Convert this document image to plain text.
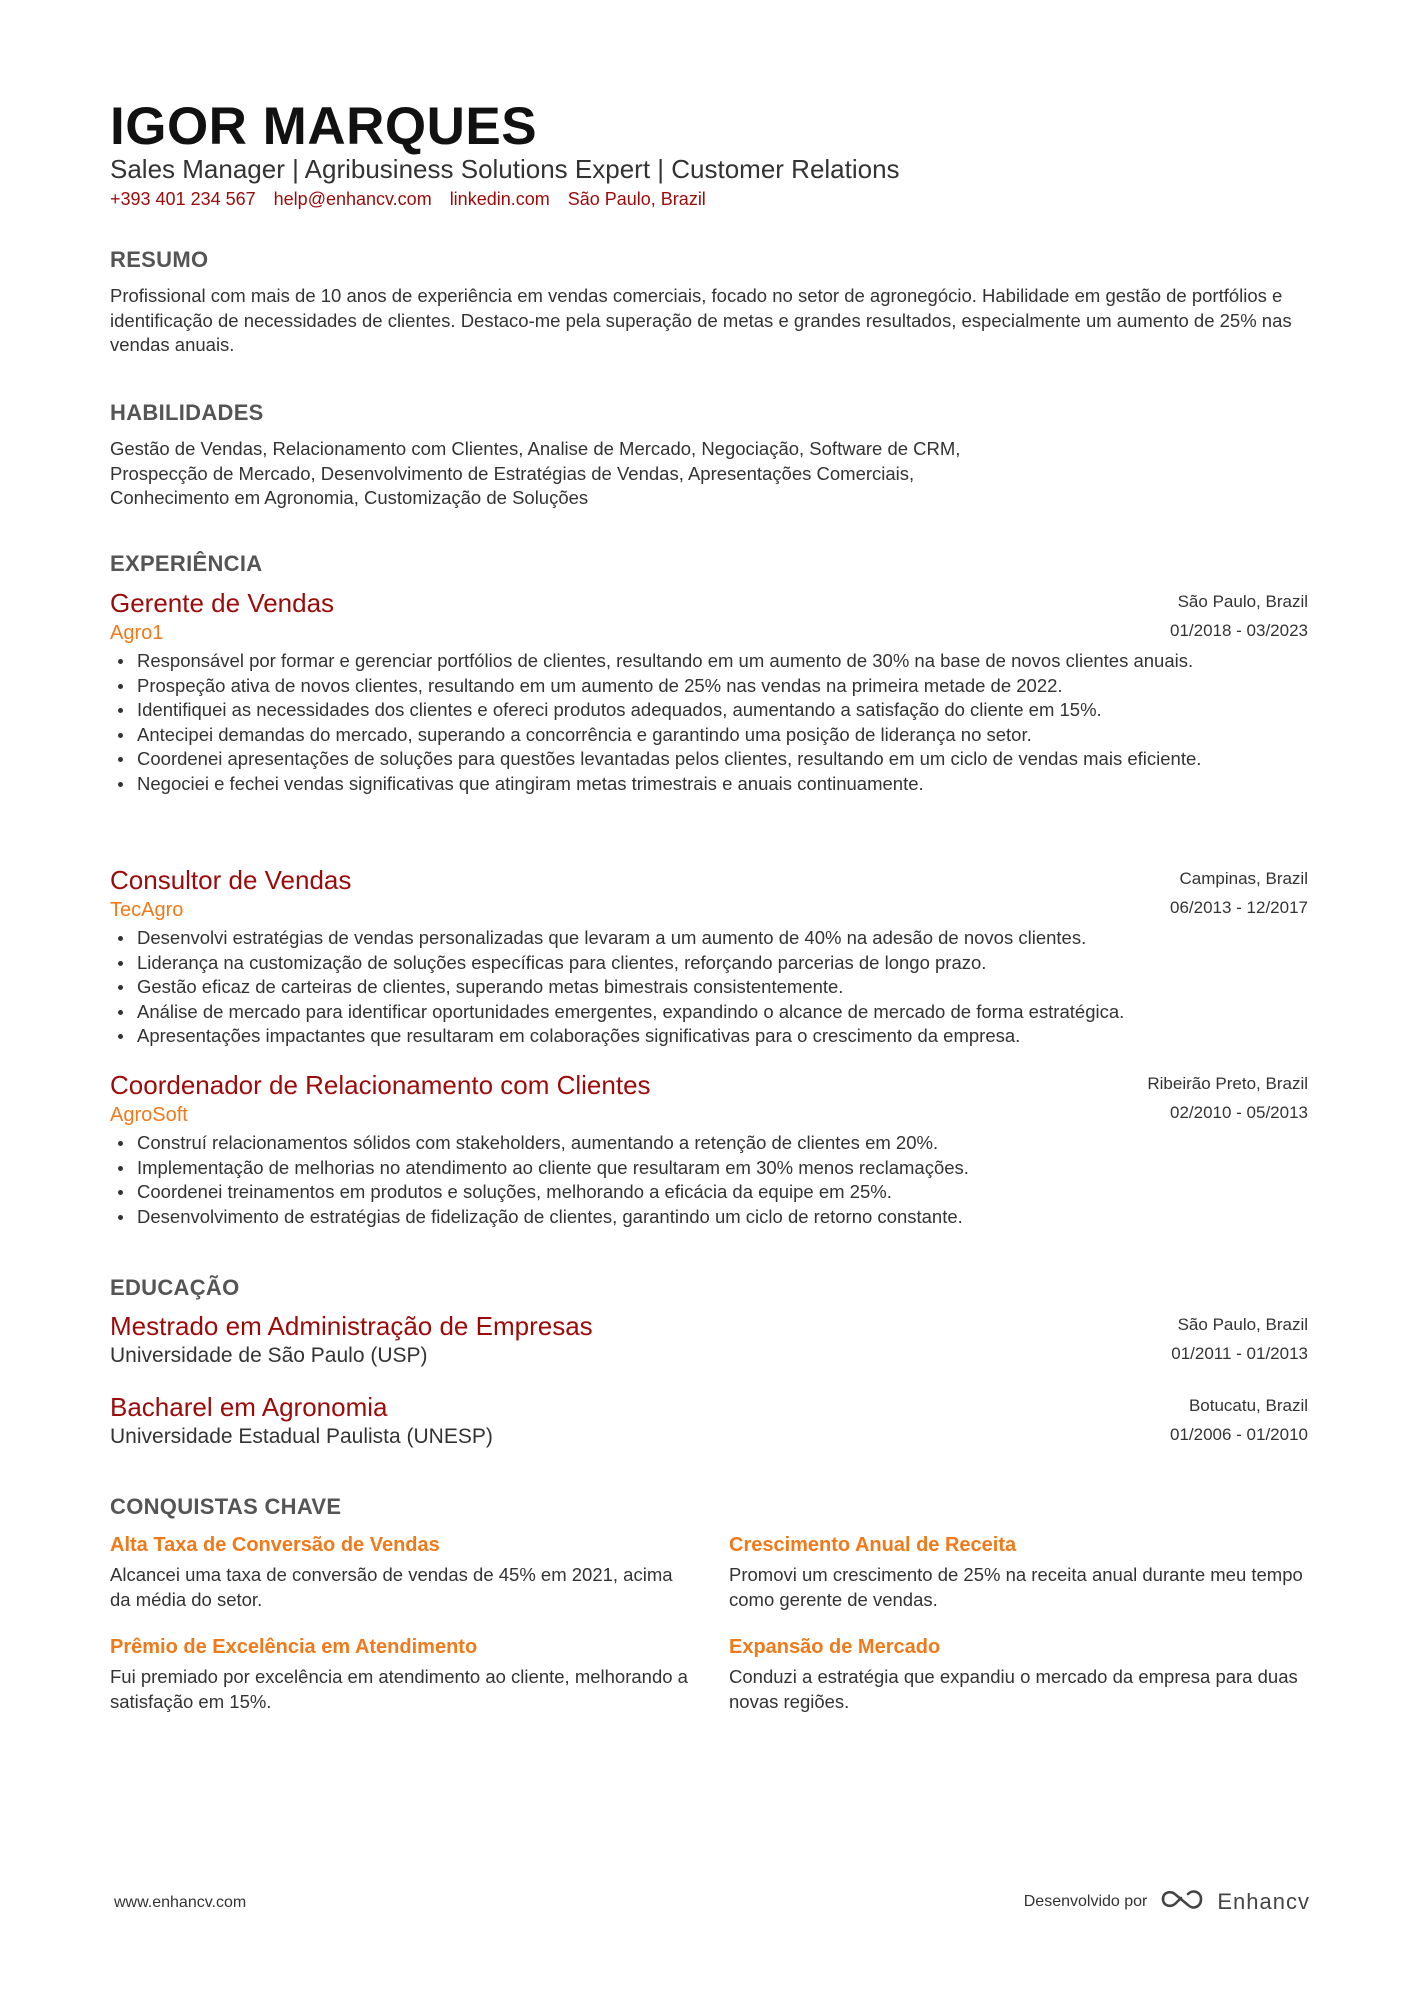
IGOR MARQUES
Sales Manager | Agribusiness Solutions Expert | Customer Relations
+393 401 234 567 help@enhancv.com linkedin.com São Paulo, Brazil
RESUMO
Profissional com mais de 10 anos de experiência em vendas comerciais, focado no setor de agronegócio. Habilidade em gestão de portfólios e identificação de necessidades de clientes. Destaco-me pela superação de metas e grandes resultados, especialmente um aumento de 25% nas vendas anuais.
HABILIDADES
Gestão de Vendas, Relacionamento com Clientes, Analise de Mercado, Negociação, Software de CRM,
Prospecção de Mercado, Desenvolvimento de Estratégias de Vendas, Apresentações Comerciais,
Conhecimento em Agronomia, Customização de Soluções
EXPERIÊNCIA
Gerente de Vendas
Agro1
São Paulo, Brazil
01/2018 - 03/2023
Responsável por formar e gerenciar portfólios de clientes, resultando em um aumento de 30% na base de novos clientes anuais.
Prospeção ativa de novos clientes, resultando em um aumento de 25% nas vendas na primeira metade de 2022.
Identifiquei as necessidades dos clientes e ofereci produtos adequados, aumentando a satisfação do cliente em 15%.
Antecipei demandas do mercado, superando a concorrência e garantindo uma posição de liderança no setor.
Coordenei apresentações de soluções para questões levantadas pelos clientes, resultando em um ciclo de vendas mais eficiente.
Negociei e fechei vendas significativas que atingiram metas trimestrais e anuais continuamente.
Consultor de Vendas
TecAgro
Campinas, Brazil
06/2013 - 12/2017
Desenvolvi estratégias de vendas personalizadas que levaram a um aumento de 40% na adesão de novos clientes.
Liderança na customização de soluções específicas para clientes, reforçando parcerias de longo prazo.
Gestão eficaz de carteiras de clientes, superando metas bimestrais consistentemente.
Análise de mercado para identificar oportunidades emergentes, expandindo o alcance de mercado de forma estratégica.
Apresentações impactantes que resultaram em colaborações significativas para o crescimento da empresa.
Coordenador de Relacionamento com Clientes
AgroSoft
Ribeirão Preto, Brazil
02/2010 - 05/2013
Construí relacionamentos sólidos com stakeholders, aumentando a retenção de clientes em 20%.
Implementação de melhorias no atendimento ao cliente que resultaram em 30% menos reclamações.
Coordenei treinamentos em produtos e soluções, melhorando a eficácia da equipe em 25%.
Desenvolvimento de estratégias de fidelização de clientes, garantindo um ciclo de retorno constante.
EDUCAÇÃO
Mestrado em Administração de Empresas
Universidade de São Paulo (USP)
São Paulo, Brazil
01/2011 - 01/2013
Bacharel em Agronomia
Universidade Estadual Paulista (UNESP)
Botucatu, Brazil
01/2006 - 01/2010
CONQUISTAS CHAVE
Alta Taxa de Conversão de Vendas
Alcancei uma taxa de conversão de vendas de 45% em 2021, acima da média do setor.
Crescimento Anual de Receita
Promovi um crescimento de 25% na receita anual durante meu tempo como gerente de vendas.
Prêmio de Excelência em Atendimento
Fui premiado por excelência em atendimento ao cliente, melhorando a satisfação em 15%.
Expansão de Mercado
Conduzi a estratégia que expandiu o mercado da empresa para duas novas regiões.
www.enhancv.com	Desenvolvido por	Enhancv
